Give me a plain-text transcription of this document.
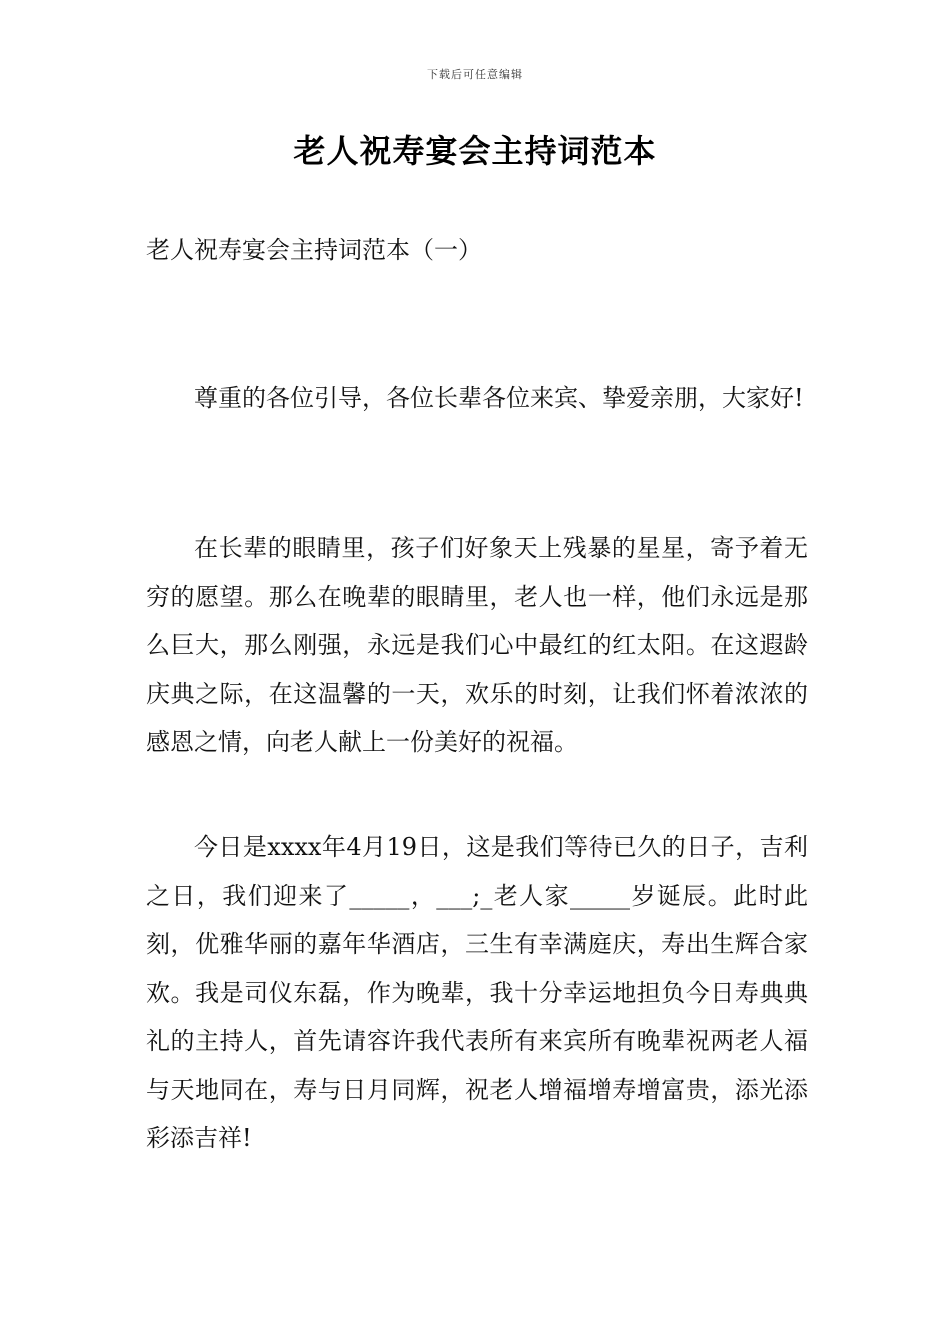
下载后可任意编辑
老人祝寿宴会主持词范本
老人祝寿宴会主持词范本（一）

尊重的各位引导，各位长辈各位来宾、挚爱亲朋，大家好!

在长辈的眼睛里，孩子们好象天上残暴的星星，寄予着无穷的愿望。那么在晚辈的眼睛里，老人也一样，他们永远是那么巨大，那么刚强，永远是我们心中最红的红太阳。在这遐龄庆典之际，在这温馨的一天，欢乐的时刻，让我们怀着浓浓的感恩之情，向老人献上一份美好的祝福。

今日是xxxx年4月19日，这是我们等待已久的日子，吉利之日，我们迎来了_____，___;_老人家_____岁诞辰。此时此刻，优雅华丽的嘉年华酒店，三生有幸满庭庆，寿出生辉合家欢。我是司仪东磊，作为晚辈，我十分幸运地担负今日寿典典礼的主持人，首先请容许我代表所有来宾所有晚辈祝两老人福与天地同在，寿与日月同辉，祝老人增福增寿增富贵，添光添彩添吉祥!
